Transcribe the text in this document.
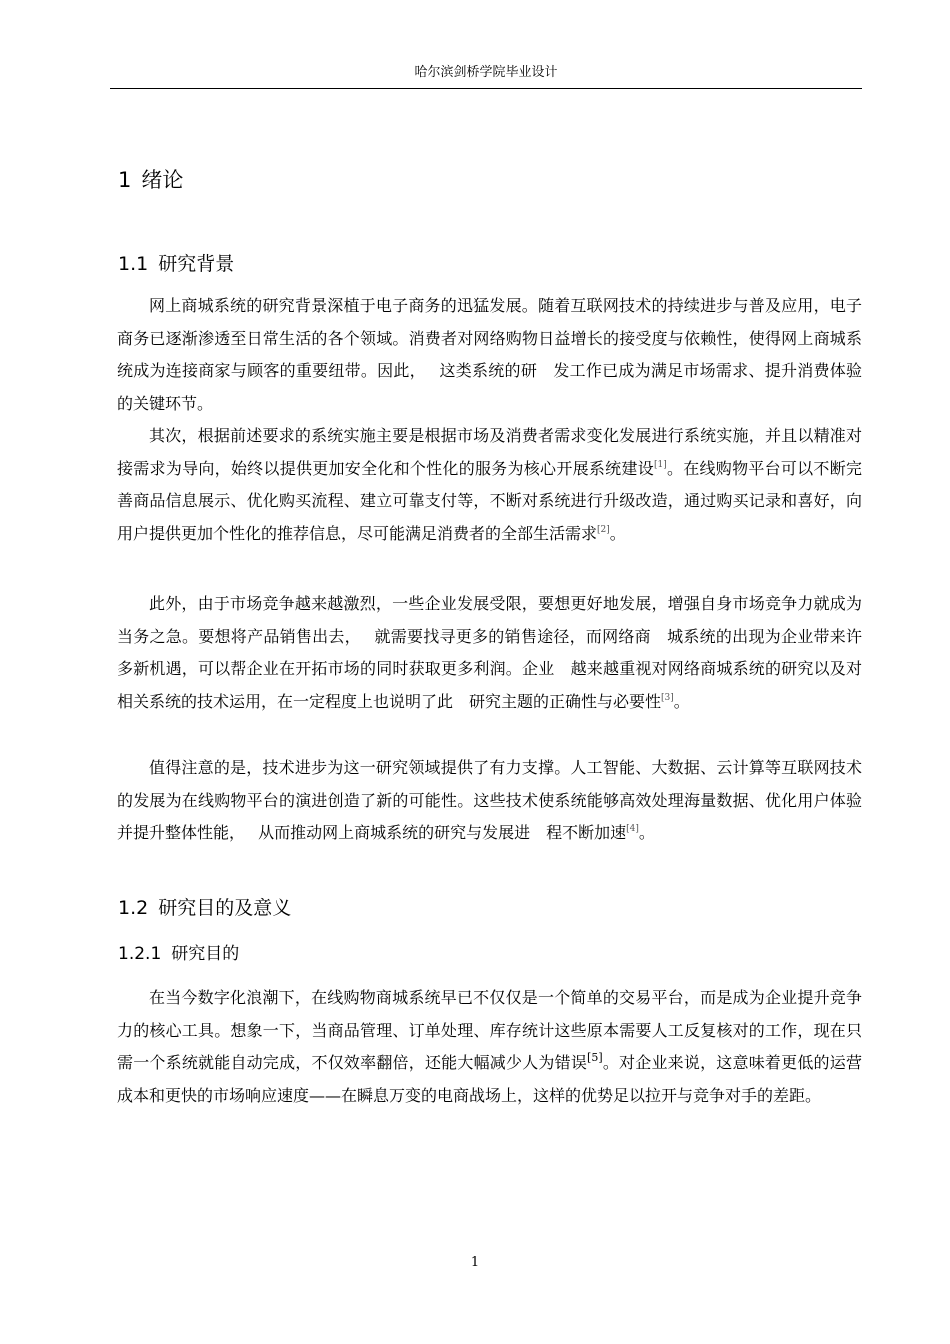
哈尔滨剑桥学院毕业设计
1 绪论
1.1 研究背景

网上商城系统的研究背景深植于电子商务的迅猛发展。随着互联网技术的持续进步与普及应用，电子商务已逐渐渗透至日常生活的各个领域。消费者对网络购物日益增长的接受度与依赖性，使得网上商城系统成为连接商家与顾客的重要纽带。因此，　 这类系统的研　发工作已成为满足市场需求、提升消费体验的关键环节。

其次，根据前述要求的系统实施主要是根据市场及消费者需求变化发展进行系统实施，并且以精准对接需求为导向，始终以提供更加安全化和个性化的服务为核心开展系统建设[1]。在线购物平台可以不断完善商品信息展示、优化购买流程、建立可靠支付等，不断对系统进行升级改造，通过购买记录和喜好，向用户提供更加个性化的推荐信息，尽可能满足消费者的全部生活需求[2]。

此外，由于市场竞争越来越激烈，一些企业发展受限，要想更好地发展，增强自身市场竞争力就成为当务之急。要想将产品销售出去，　 就需要找寻更多的销售途径，而网络商　城系统的出现为企业带来许多新机遇，可以帮企业在开拓市场的同时获取更多利润。企业　越来越重视对网络商城系统的研究以及对相关系统的技术运用，在一定程度上也说明了此　研究主题的正确性与必要性[3]。

值得注意的是，技术进步为这一研究领域提供了有力支撑。人工智能、大数据、云计算等互联网技术的发展为在线购物平台的演进创造了新的可能性。这些技术使系统能够高效处理海量数据、优化用户体验并提升整体性能，　 从而推动网上商城系统的研究与发展进　程不断加速[4]。

1.2 研究目的及意义
1.2.1 研究目的

在当今数字化浪潮下，在线购物商城系统早已不仅仅是一个简单的交易平台，而是成为企业提升竞争力的核心工具。想象一下，当商品管理、订单处理、库存统计这些原本需要人工反复核对的工作，现在只需一个系统就能自动完成，不仅效率翻倍，还能大幅减少人为错误[5]。对企业来说，这意味着更低的运营成本和更快的市场响应速度——在瞬息万变的电商战场上，这样的优势足以拉开与竞争对手的差距。

1
